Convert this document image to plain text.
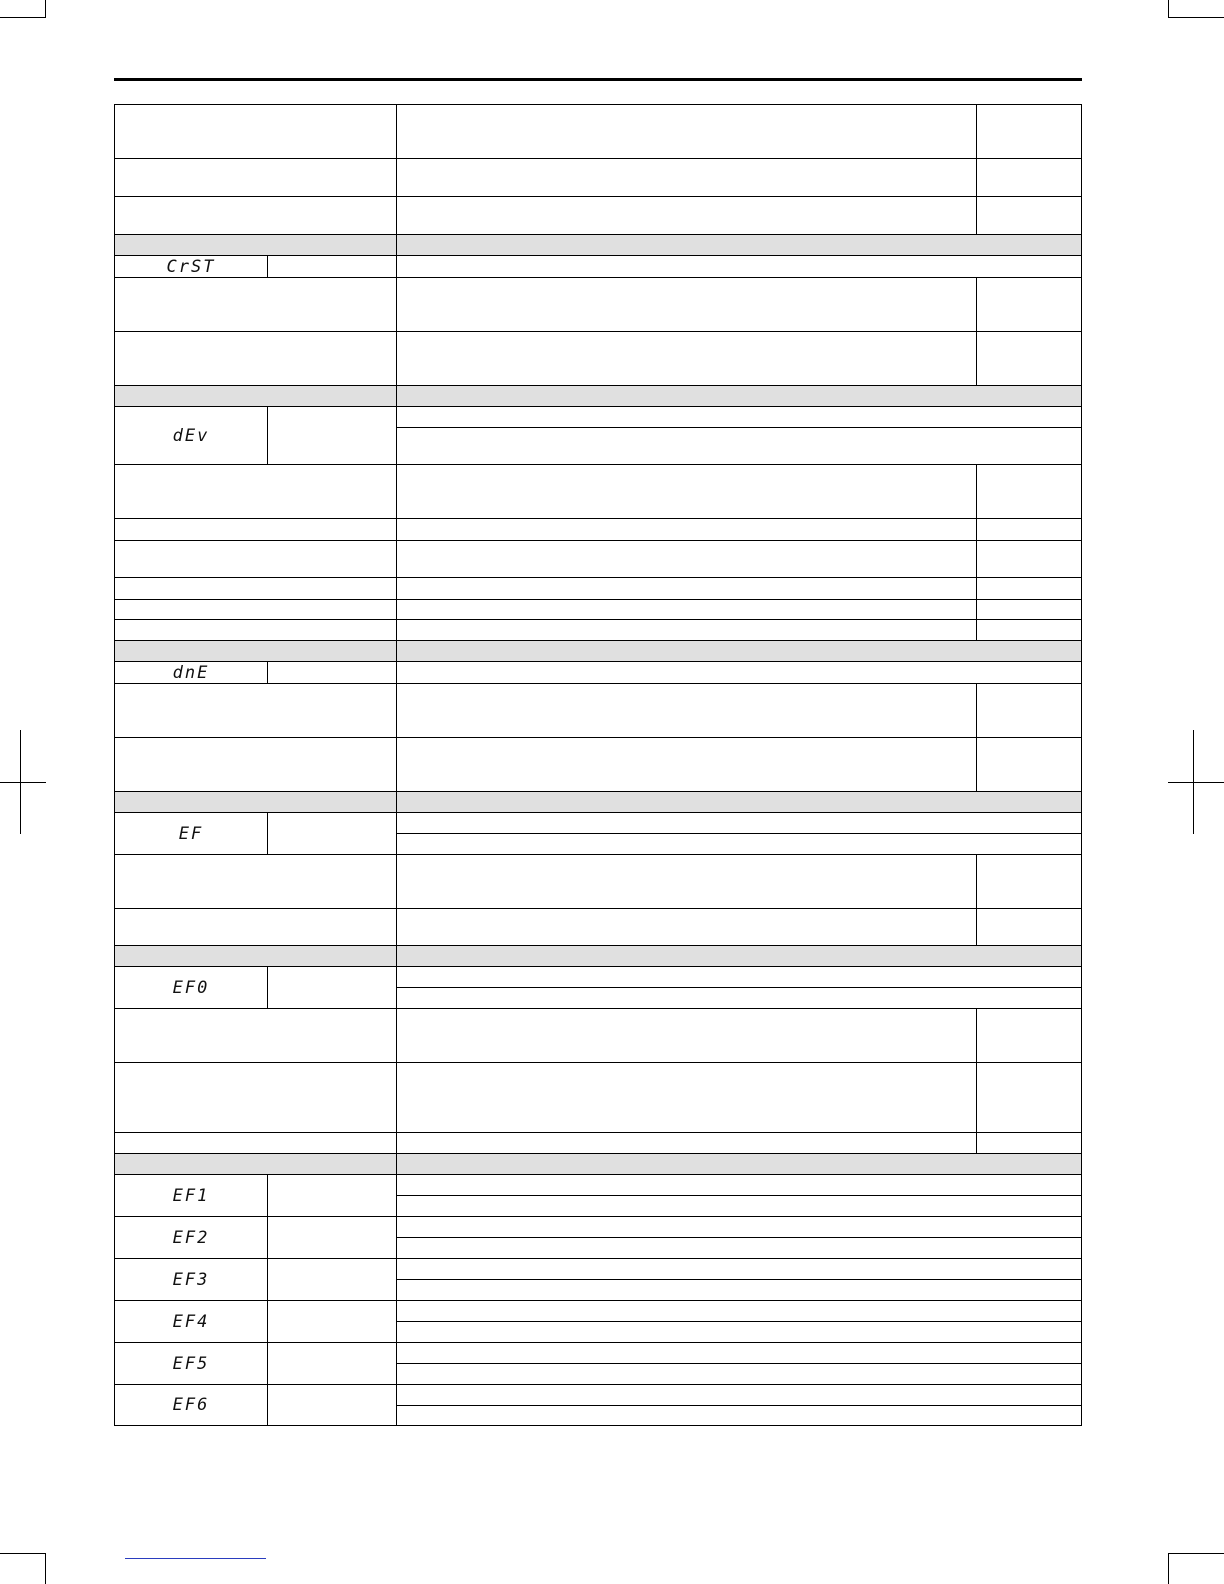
CrST
dEv
dnE
EF
EF0
EF1
EF2
EF3
EF4
EF5
EF6
